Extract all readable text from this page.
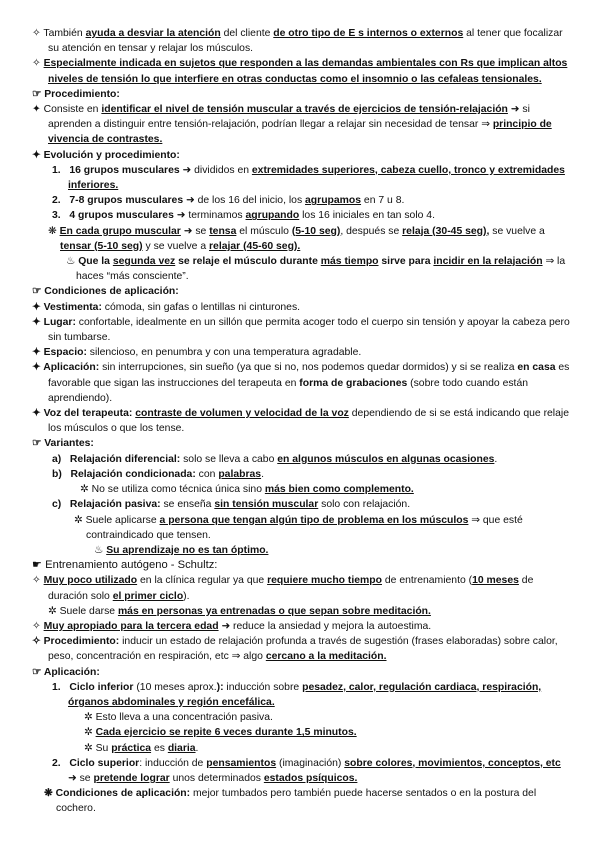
✧ También ayuda a desviar la atención del cliente de otro tipo de E s internos o externos al tener que focalizar su atención en tensar y relajar los músculos.

✧ Especialmente indicada en sujetos que responden a las demandas ambientales con Rs que implican altos niveles de tensión lo que interfiere en otras conductas como el insomnio o las cefaleas tensionales.

☞ Procedimiento:

✦ Consiste en identificar el nivel de tensión muscular a través de ejercicios de tensión-relajación ➜ si aprenden a distinguir entre tensión-relajación, podrían llegar a relajar sin necesidad de tensar ⇒ principio de vivencia de contrastes.

✦ Evolución y procedimiento:

1. 16 grupos musculares ➜ divididos en extremidades superiores, cabeza cuello, tronco y extremidades inferiores.

2. 7-8 grupos musculares ➜ de los 16 del inicio, los agrupamos en 7 u 8.

3. 4 grupos musculares ➜ terminamos agrupando los 16 iniciales en tan solo 4.

❋ En cada grupo muscular ➜ se tensa el músculo (5-10 seg), después se relaja (30-45 seg), se vuelve a tensar (5-10 seg) y se vuelve a relajar (45-60 seg).

♨ Que la segunda vez se relaje el músculo durante más tiempo sirve para incidir en la relajación ⇒ la haces “más consciente”.

☞ Condiciones de aplicación:

✦ Vestimenta: cómoda, sin gafas o lentillas ni cinturones.

✦ Lugar: confortable, idealmente en un sillón que permita acoger todo el cuerpo sin tensión y apoyar la cabeza pero sin tumbarse.

✦ Espacio: silencioso, en penumbra y con una temperatura agradable.

✦ Aplicación: sin interrupciones, sin sueño (ya que si no, nos podemos quedar dormidos) y si se realiza en casa es favorable que sigan las instrucciones del terapeuta en forma de grabaciones (sobre todo cuando están aprendiendo).

✦ Voz del terapeuta: contraste de volumen y velocidad de la voz dependiendo de si se está indicando que relaje los músculos o que los tense.

☞ Variantes:

a) Relajación diferencial: solo se lleva a cabo en algunos músculos en algunas ocasiones.

b) Relajación condicionada: con palabras.

✲ No se utiliza como técnica única sino más bien como complemento.

c) Relajación pasiva: se enseña sin tensión muscular solo con relajación.

✲ Suele aplicarse a persona que tengan algún tipo de problema en los músculos ⇒ que esté contraindicado que tensen.

♨ Su aprendizaje no es tan óptimo.

☛ Entrenamiento autógeno - Schultz:

✧ Muy poco utilizado en la clínica regular ya que requiere mucho tiempo de entrenamiento (10 meses de duración solo el primer ciclo).

✲ Suele darse más en personas ya entrenadas o que sepan sobre meditación.

✧ Muy apropiado para la tercera edad ➜ reduce la ansiedad y mejora la autoestima.

✧ Procedimiento: inducir un estado de relajación profunda a través de sugestión (frases elaboradas) sobre calor, peso, concentración en respiración, etc ⇒ algo cercano a la meditación.

☞ Aplicación:

1. Ciclo inferior (10 meses aprox.): inducción sobre pesadez, calor, regulación cardiaca, respiración, órganos abdominales y región encefálica.

✲ Esto lleva a una concentración pasiva.

✲ Cada ejercicio se repite 6 veces durante 1,5 minutos.

✲ Su práctica es diaria.

2. Ciclo superior: inducción de pensamientos (imaginación) sobre colores, movimientos, conceptos, etc ➜ se pretende lograr unos determinados estados psíquicos.

❋ Condiciones de aplicación: mejor tumbados pero también puede hacerse sentados o en la postura del cochero.
